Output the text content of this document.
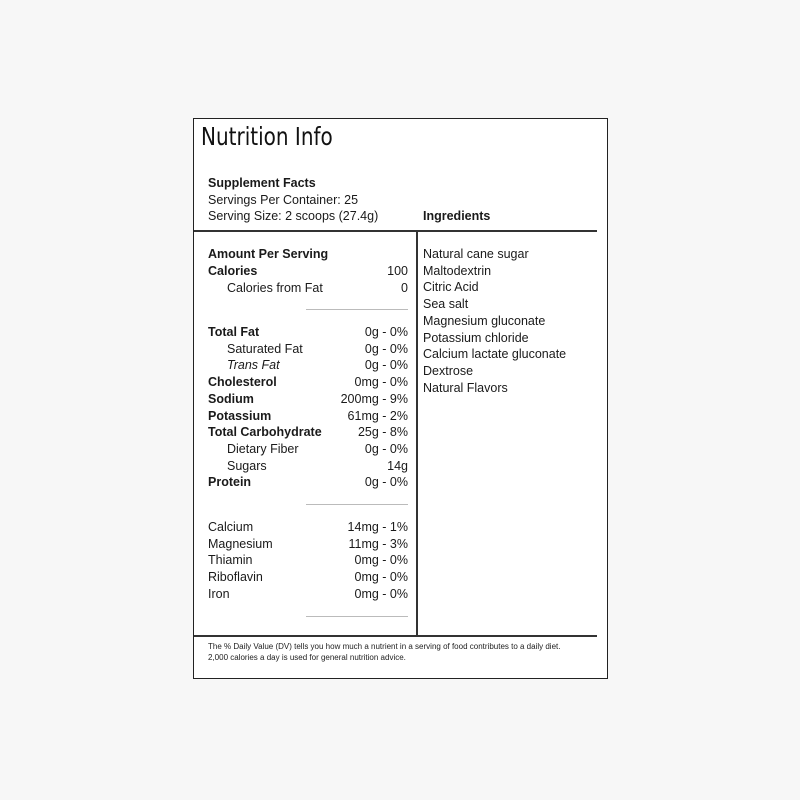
Nutrition Info
Supplement Facts
Servings Per Container: 25
Serving Size: 2 scoops (27.4g)	Ingredients
Amount Per Serving
Calories	100
Calories from Fat	0
Total Fat	0g - 0%
Saturated Fat	0g - 0%
Trans Fat	0g - 0%
Cholesterol	0mg - 0%
Sodium	200mg - 9%
Potassium	61mg - 2%
Total Carbohydrate	25g - 8%
Dietary Fiber	0g - 0%
Sugars	14g
Protein	0g - 0%
Calcium	14mg - 1%
Magnesium	11mg - 3%
Thiamin	0mg - 0%
Riboflavin	0mg - 0%
Iron	0mg - 0%
Natural cane sugar
Maltodextrin
Citric Acid
Sea salt
Magnesium gluconate
Potassium chloride
Calcium lactate gluconate
Dextrose
Natural Flavors
The % Daily Value (DV) tells you how much a nutrient in a serving of food contributes to a daily diet.
2,000 calories a day is used for general nutrition advice.
